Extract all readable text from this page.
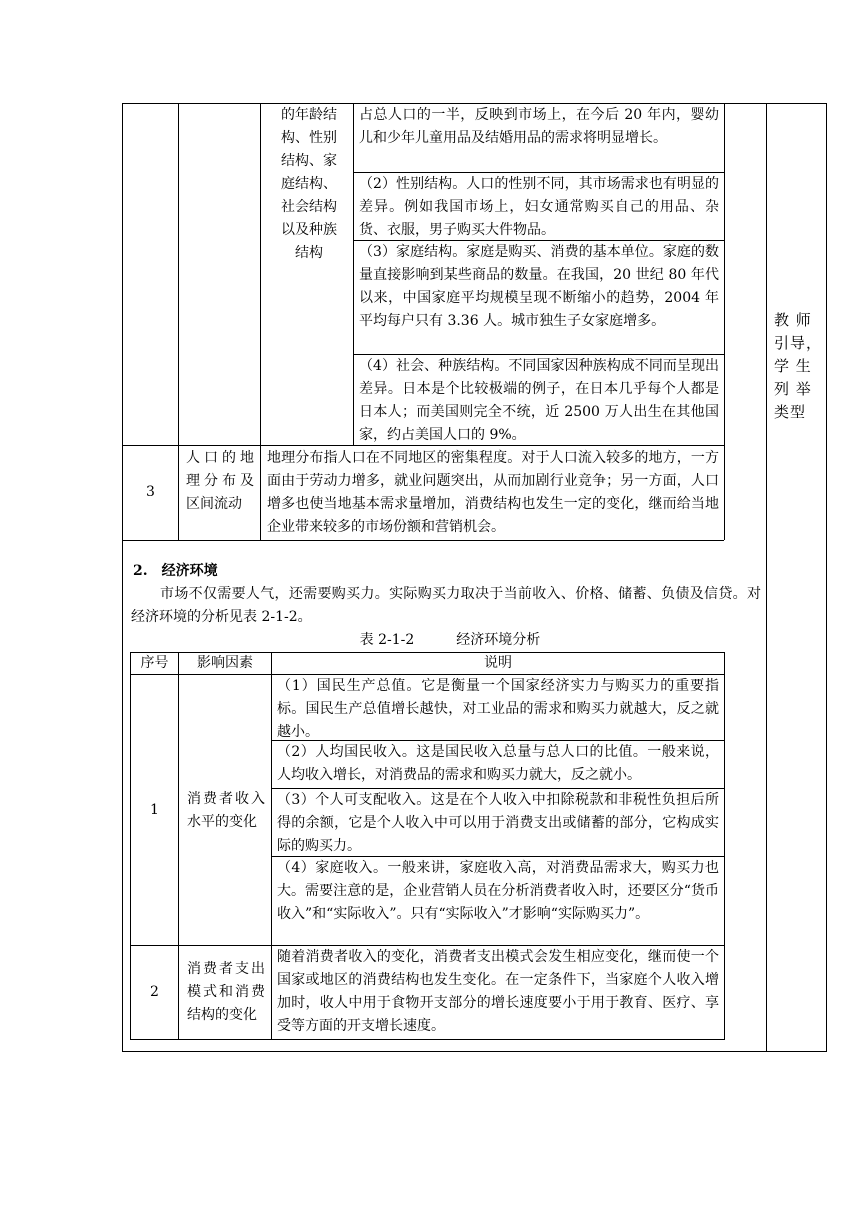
的年龄结构、性别结构、家庭结构、社会结构以及种族结构
占总人口的一半，反映到市场上，在今后 20 年内，婴幼儿和少年儿童用品及结婚用品的需求将明显增长。
（2）性别结构。人口的性别不同，其市场需求也有明显的差异。例如我国市场上，妇女通常购买自己的用品、杂货、衣服，男子购买大件物品。
（3）家庭结构。家庭是购买、消费的基本单位。家庭的数量直接影响到某些商品的数量。在我国，20 世纪 80 年代以来，中国家庭平均规模呈现不断缩小的趋势，2004 年平均每户只有 3.36 人。城市独生子女家庭增多。
（4）社会、种族结构。不同国家因种族构成不同而呈现出差异。日本是个比较极端的例子，在日本几乎每个人都是日本人；而美国则完全不统，近 2500 万人出生在其他国家，约占美国人口的 9%。
3
人口的地理分布及区间流动
地理分布指人口在不同地区的密集程度。对于人口流入较多的地方，一方面由于劳动力增多，就业问题突出，从而加剧行业竞争；另一方面，人口增多也使当地基本需求量增加，消费结构也发生一定的变化，继而给当地企业带来较多的市场份额和营销机会。
教 师引导，学 生列 举类型
2.　经济环境
市场不仅需要人气，还需要购买力。实际购买力取决于当前收入、价格、储蓄、负债及信贷。对经济环境的分析见表 2-1-2。
表 2-1-2　　　经济环境分析
序号	影响因素	说明
1
消费者收入水平的变化
（1）国民生产总值。它是衡量一个国家经济实力与购买力的重要指标。国民生产总值增长越快，对工业品的需求和购买力就越大，反之就越小。
（2）人均国民收入。这是国民收入总量与总人口的比值。一般来说，人均收入增长，对消费品的需求和购买力就大，反之就小。
（3）个人可支配收入。这是在个人收入中扣除税款和非税性负担后所得的余额，它是个人收入中可以用于消费支出或储蓄的部分，它构成实际的购买力。
（4）家庭收入。一般来讲，家庭收入高，对消费品需求大，购买力也大。需要注意的是，企业营销人员在分析消费者收入时，还要区分“货币收入”和“实际收入”。只有“实际收入”才影响“实际购买力”。
2
消费者支出模式和消费结构的变化
随着消费者收入的变化，消费者支出模式会发生相应变化，继而使一个国家或地区的消费结构也发生变化。在一定条件下，当家庭个人收入增加时，收人中用于食物开支部分的增长速度要小于用于教育、医疗、享受等方面的开支增长速度。
